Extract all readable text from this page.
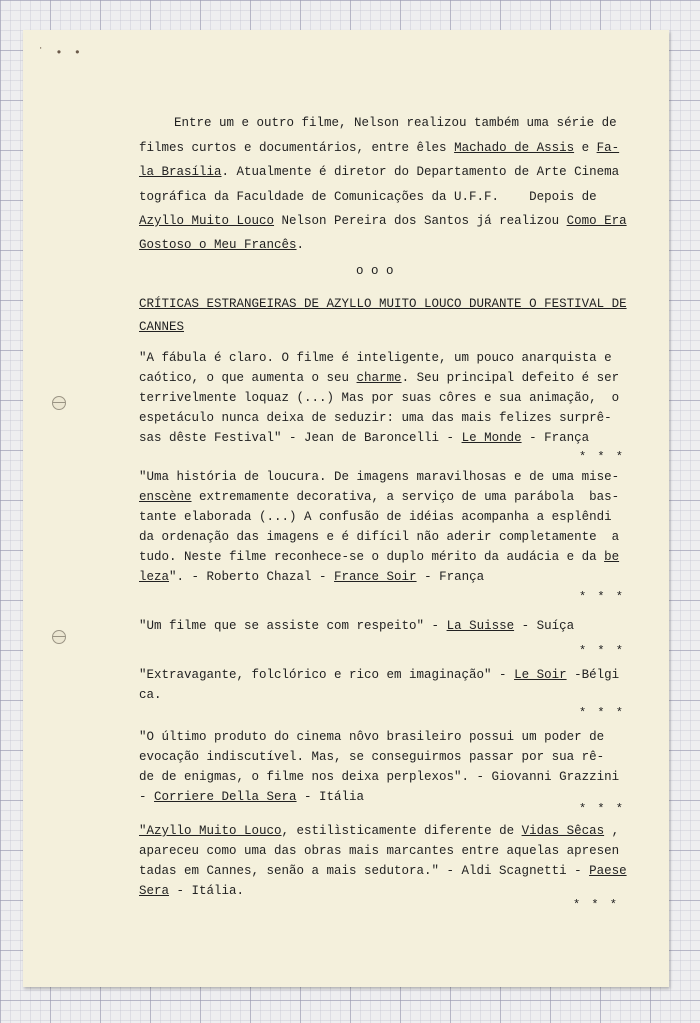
˙ • •
Entre um e outro filme, Nelson realizou também uma série de
filmes curtos e documentários, entre êles Machado de Assis e Fa-
la Brasília. Atualmente é diretor do Departamento de Arte Cinema
tográfica da Faculdade de Comunicações da U.F.F.    Depois de
Azyllo Muito Louco Nelson Pereira dos Santos já realizou Como Era
Gostoso o Meu Francês.
o o o
CRÍTICAS ESTRANGEIRAS DE AZYLLO MUITO LOUCO DURANTE O FESTIVAL DE
CANNES
"A fábula é claro. O filme é inteligente, um pouco anarquista e
caótico, o que aumenta o seu charme. Seu principal defeito é ser
terrivelmente loquaz (...) Mas por suas côres e sua animação,  o
espetáculo nunca deixa de seduzir: uma das mais felizes surprê-
sas dêste Festival" - Jean de Baroncelli - Le Monde - França
* * *
"Uma história de loucura. De imagens maravilhosas e de uma mise-
enscène extremamente decorativa, a serviço de uma parábola  bas-
tante elaborada (...) A confusão de idéias acompanha a esplêndi
da ordenação das imagens e é difícil não aderir completamente  a
tudo. Neste filme reconhece-se o duplo mérito da audácia e da be
leza". - Roberto Chazal - France Soir - França
* * *
"Um filme que se assiste com respeito" - La Suisse - Suíça
* * *
"Extravagante, folclórico e rico em imaginação" - Le Soir -Bélgi
ca.
* * *
"O último produto do cinema nôvo brasileiro possui um poder de
evocação indiscutível. Mas, se conseguirmos passar por sua rê-
de de enigmas, o filme nos deixa perplexos". - Giovanni Grazzini
- Corriere Della Sera - Itália
* * *
"Azyllo Muito Louco, estilìsticamente diferente de Vidas Sêcas ,
apareceu como uma das obras mais marcantes entre aquelas apresen
tadas em Cannes, senão a mais sedutora." - Aldi Scagnetti - Paese
Sera - Itália.
* * *
